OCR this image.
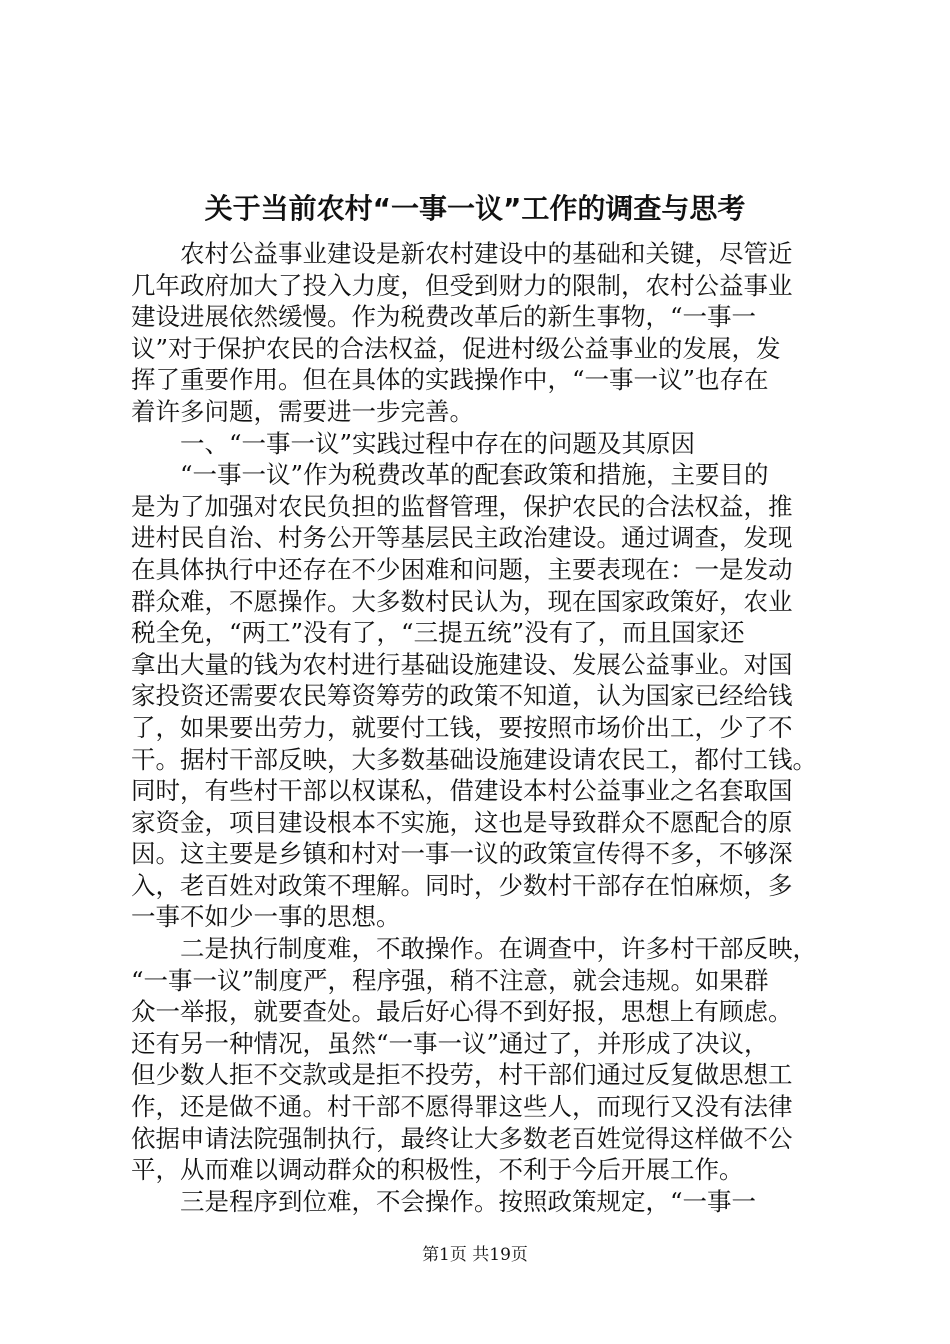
关于当前农村“一事一议”工作的调查与思考
　　农村公益事业建设是新农村建设中的基础和关键，尽管近
几年政府加大了投入力度，但受到财力的限制，农村公益事业
建设进展依然缓慢。作为税费改革后的新生事物，“一事一
议”对于保护农民的合法权益，促进村级公益事业的发展，发
挥了重要作用。但在具体的实践操作中，“一事一议”也存在
着许多问题，需要进一步完善。
　　一、“一事一议”实践过程中存在的问题及其原因
　　“一事一议”作为税费改革的配套政策和措施，主要目的
是为了加强对农民负担的监督管理，保护农民的合法权益，推
进村民自治、村务公开等基层民主政治建设。通过调查，发现
在具体执行中还存在不少困难和问题，主要表现在：一是发动
群众难，不愿操作。大多数村民认为，现在国家政策好，农业
税全免，“两工”没有了，“三提五统”没有了，而且国家还
拿出大量的钱为农村进行基础设施建设、发展公益事业。对国
家投资还需要农民筹资筹劳的政策不知道，认为国家已经给钱
了，如果要出劳力，就要付工钱，要按照市场价出工，少了不
干。据村干部反映，大多数基础设施建设请农民工，都付工钱。
同时，有些村干部以权谋私，借建设本村公益事业之名套取国
家资金，项目建设根本不实施，这也是导致群众不愿配合的原
因。这主要是乡镇和村对一事一议的政策宣传得不多，不够深
入，老百姓对政策不理解。同时，少数村干部存在怕麻烦，多
一事不如少一事的思想。
　　二是执行制度难，不敢操作。在调查中，许多村干部反映，
“一事一议”制度严，程序强，稍不注意，就会违规。如果群
众一举报，就要查处。最后好心得不到好报，思想上有顾虑。
还有另一种情况，虽然“一事一议”通过了，并形成了决议，
但少数人拒不交款或是拒不投劳，村干部们通过反复做思想工
作，还是做不通。村干部不愿得罪这些人，而现行又没有法律
依据申请法院强制执行，最终让大多数老百姓觉得这样做不公
平，从而难以调动群众的积极性，不利于今后开展工作。
　　三是程序到位难，不会操作。按照政策规定，“一事一
第1页 共19页
